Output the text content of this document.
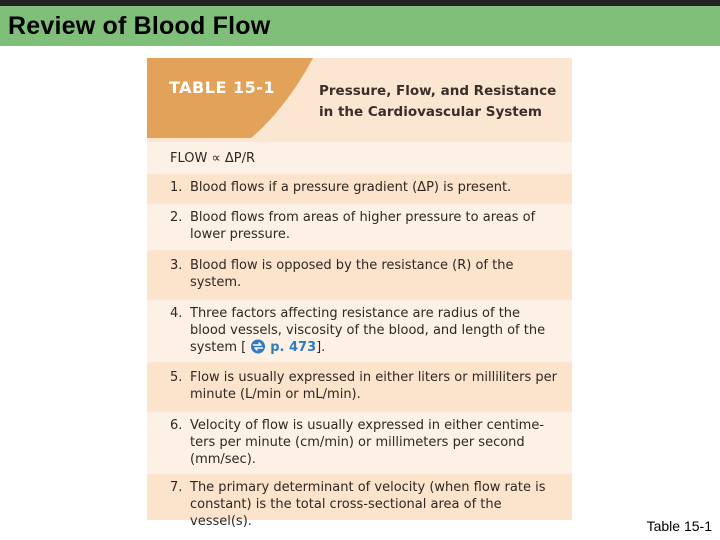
Review of Blood Flow
TABLE 15-1	Pressure, Flow, and Resistance
in the Cardiovascular System
FLOW ∝ ΔP/R
1. Blood flows if a pressure gradient (ΔP) is present.
2. Blood flows from areas of higher pressure to areas of
lower pressure.
3. Blood flow is opposed by the resistance (R) of the
system.
4. Three factors affecting resistance are radius of the
blood vessels, viscosity of the blood, and length of the
system [ p. 473].
5. Flow is usually expressed in either liters or milliliters per
minute (L/min or mL/min).
6. Velocity of flow is usually expressed in either centime-
ters per minute (cm/min) or millimeters per second
(mm/sec).
7. The primary determinant of velocity (when flow rate is
constant) is the total cross-sectional area of the vessel(s).	Table 15-1
